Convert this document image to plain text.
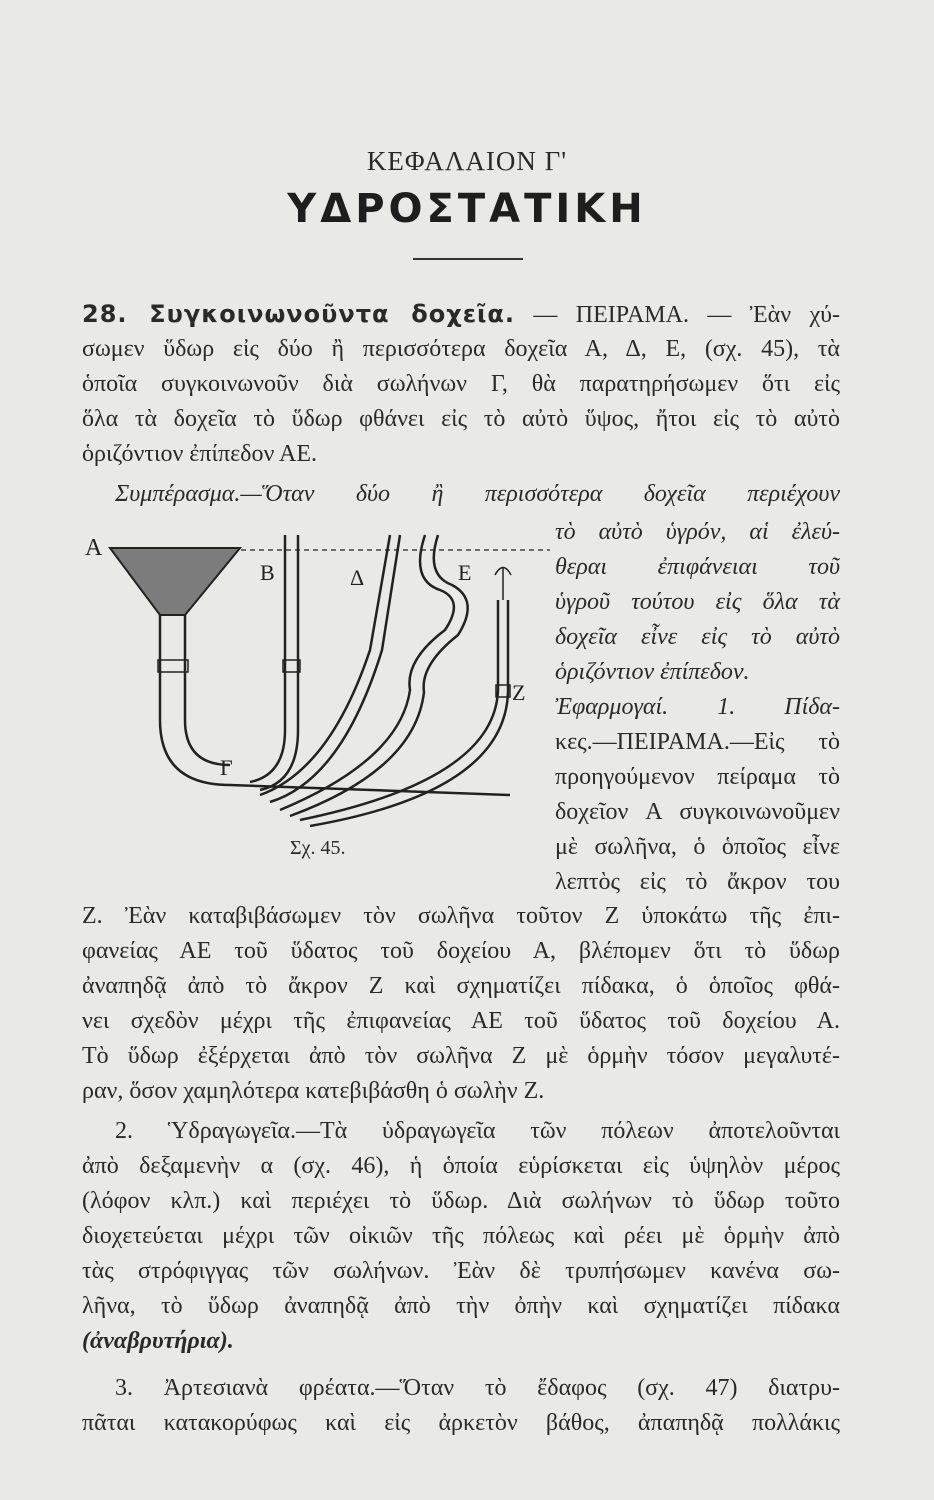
ΚΕΦΑΛΑΙΟΝ Γ'
ΥΔΡΟΣΤΑΤΙΚΗ
28. Συγκοινωνοῦντα δοχεῖα. — ΠΕΙΡΑΜΑ. — Ἐὰν χύ-
σωμεν ὕδωρ εἰς δύο ἢ περισσότερα δοχεῖα Α, Δ, Ε, (σχ. 45), τὰ
ὁποῖα συγκοινωνοῦν διὰ σωλήνων Γ, θὰ παρατηρήσωμεν ὅτι εἰς
ὅλα τὰ δοχεῖα τὸ ὕδωρ φθάνει εἰς τὸ αὐτὸ ὕψος, ἤτοι εἰς τὸ αὐτὸ
ὁριζόντιον ἐπίπεδον ΑΕ.
Συμπέρασμα.—Ὅταν δύο ἢ περισσότερα δοχεῖα περιέχουν
τὸ αὐτὸ ὑγρόν, αἱ ἐλεύ-
θεραι ἐπιφάνειαι τοῦ
ὑγροῦ τούτου εἰς ὅλα τὰ
δοχεῖα εἶνε εἰς τὸ αὐτὸ
ὁριζόντιον ἐπίπεδον.
Ἐφαρμογαί. 1. Πίδα-
κες.—ΠΕΙΡΑΜΑ.—Εἰς τὸ
προηγούμενον πείραμα τὸ
δοχεῖον Α συγκοινωνοῦμεν
μὲ σωλῆνα, ὁ ὁποῖος εἶνε
λεπτὸς εἰς τὸ ἄκρον του
Α
Β	Δ	Ε
Γ
Ζ
Σχ. 45.
Ζ. Ἐὰν καταβιβάσωμεν τὸν σωλῆνα τοῦτον Ζ ὑποκάτω τῆς ἐπι-
φανείας ΑΕ τοῦ ὕδατος τοῦ δοχείου Α, βλέπομεν ὅτι τὸ ὕδωρ
ἀναπηδᾷ ἀπὸ τὸ ἄκρον Ζ καὶ σχηματίζει πίδακα, ὁ ὁποῖος φθά-
νει σχεδὸν μέχρι τῆς ἐπιφανείας ΑΕ τοῦ ὕδατος τοῦ δοχείου Α.
Τὸ ὕδωρ ἐξέρχεται ἀπὸ τὸν σωλῆνα Ζ μὲ ὁρμὴν τόσον μεγαλυτέ-
ραν, ὅσον χαμηλότερα κατεβιβάσθη ὁ σωλὴν Ζ.
2. Ὑδραγωγεῖα.—Τὰ ὑδραγωγεῖα τῶν πόλεων ἀποτελοῦνται
ἀπὸ δεξαμενὴν α (σχ. 46), ἡ ὁποία εὑρίσκεται εἰς ὑψηλὸν μέρος
(λόφον κλπ.) καὶ περιέχει τὸ ὕδωρ. Διὰ σωλήνων τὸ ὕδωρ τοῦτο
διοχετεύεται μέχρι τῶν οἰκιῶν τῆς πόλεως καὶ ρέει μὲ ὁρμὴν ἀπὸ
τὰς στρόφιγγας τῶν σωλήνων. Ἐὰν δὲ τρυπήσωμεν κανένα σω-
λῆνα, τὸ ὕδωρ ἀναπηδᾷ ἀπὸ τὴν ὀπὴν καὶ σχηματίζει πίδακα
(ἀναβρυτήρια).
3. Ἀρτεσιανὰ φρέατα.—Ὅταν τὸ ἔδαφος (σχ. 47) διατρυ-
πᾶται κατακορύφως καὶ εἰς ἀρκετὸν βάθος, ἀπαπηδᾷ πολλάκις
